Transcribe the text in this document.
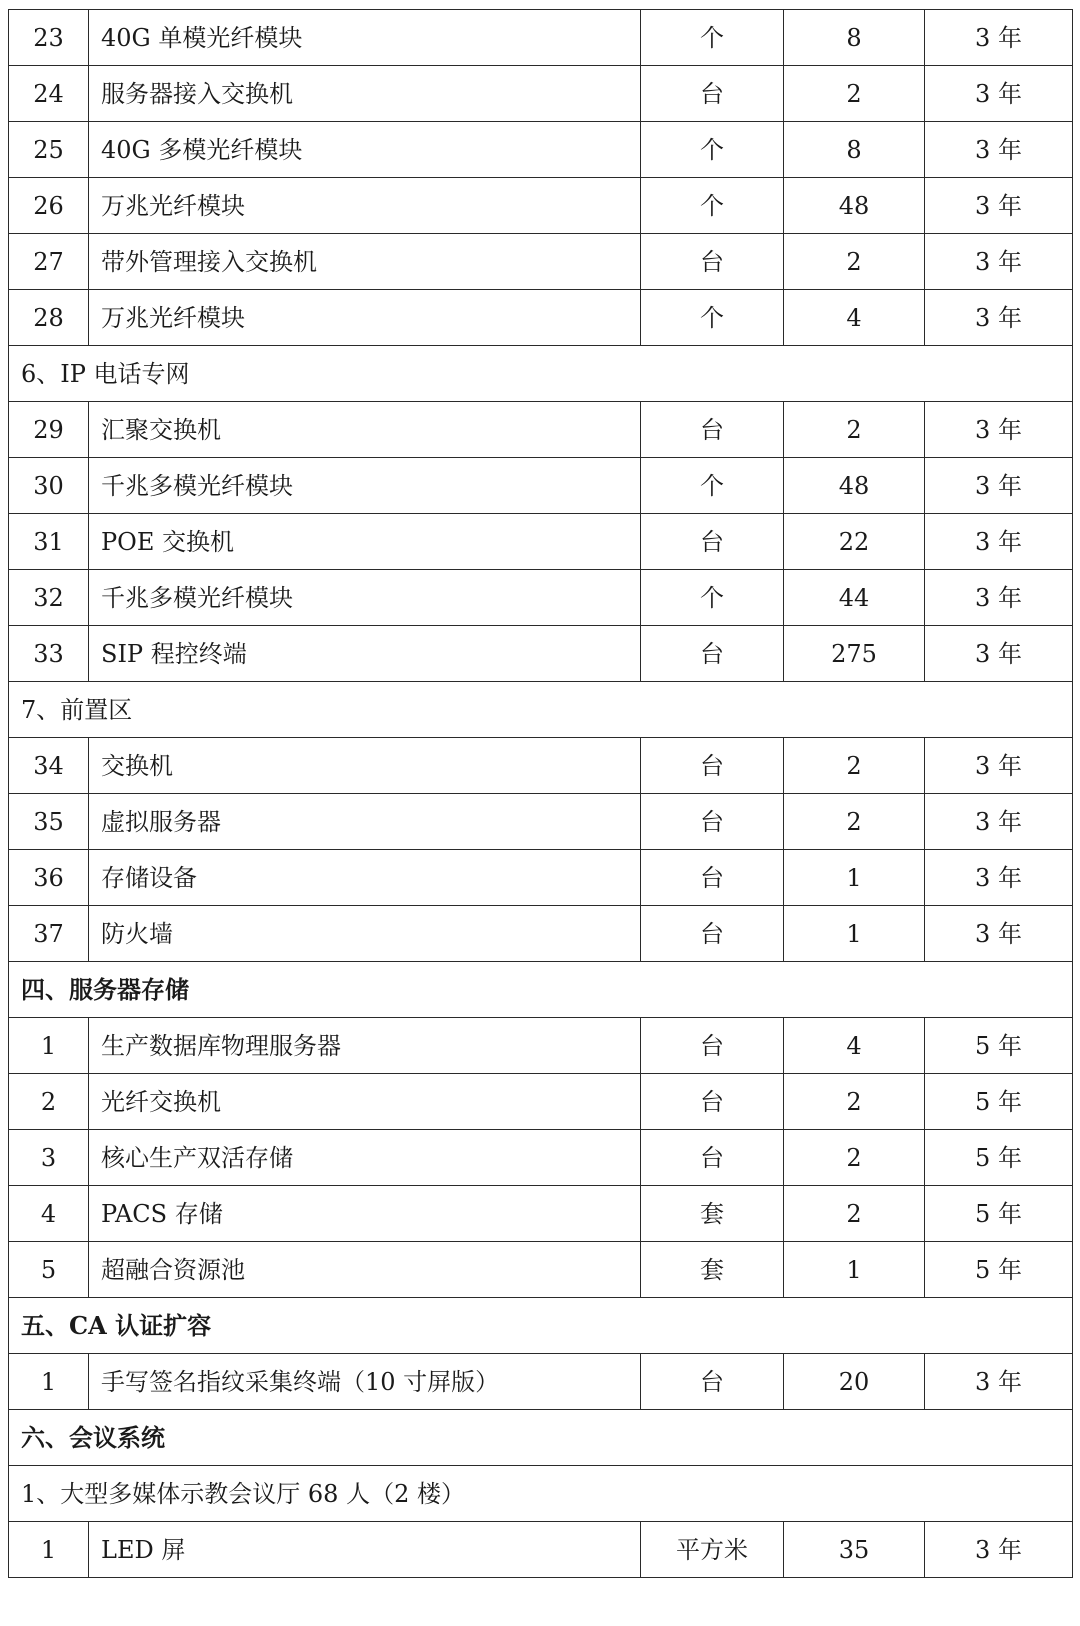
23	40G 单模光纤模块	个	8	3 年
24	服务器接入交换机	台	2	3 年
25	40G 多模光纤模块	个	8	3 年
26	万兆光纤模块	个	48	3 年
27	带外管理接入交换机	台	2	3 年
28	万兆光纤模块	个	4	3 年
6、IP 电话专网				
29	汇聚交换机	台	2	3 年
30	千兆多模光纤模块	个	48	3 年
31	POE 交换机	台	22	3 年
32	千兆多模光纤模块	个	44	3 年
33	SIP 程控终端	台	275	3 年
7、前置区				
34	交换机	台	2	3 年
35	虚拟服务器	台	2	3 年
36	存储设备	台	1	3 年
37	防火墙	台	1	3 年
四、服务器存储				
1	生产数据库物理服务器	台	4	5 年
2	光纤交换机	台	2	5 年
3	核心生产双活存储	台	2	5 年
4	PACS 存储	套	2	5 年
5	超融合资源池	套	1	5 年
五、CA 认证扩容				
1	手写签名指纹采集终端（10 寸屏版）	台	20	3 年
六、会议系统				
1、大型多媒体示教会议厅 68 人（2 楼）				
1	LED 屏	平方米	35	3 年
